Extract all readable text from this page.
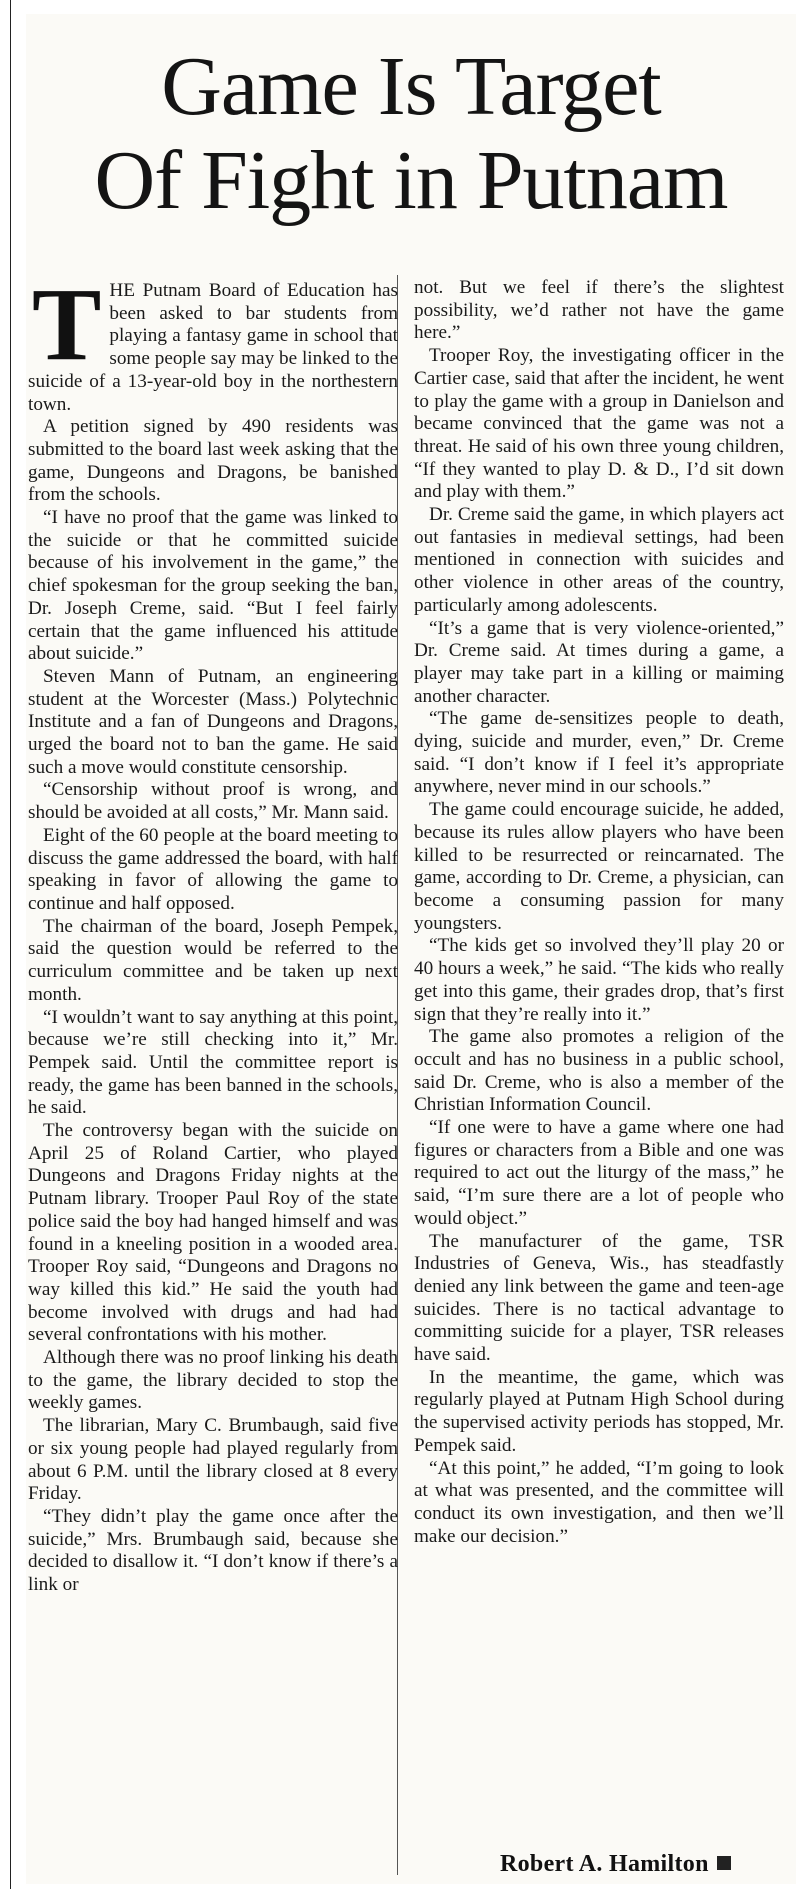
Game Is Target
Of Fight in Putnam

THE Putnam Board of Education has been asked to bar students from playing a fantasy game in school that some people say may be linked to the suicide of a 13-year-old boy in the northestern town.

A petition signed by 490 residents was submitted to the board last week asking that the game, Dungeons and Dragons, be banished from the schools.

“I have no proof that the game was linked to the suicide or that he committed suicide because of his involvement in the game,” the chief spokesman for the group seeking the ban, Dr. Joseph Creme, said. “But I feel fairly certain that the game influenced his attitude about suicide.”

Steven Mann of Putnam, an engineering student at the Worcester (Mass.) Polytechnic Institute and a fan of Dungeons and Dragons, urged the board not to ban the game. He said such a move would constitute censorship.

“Censorship without proof is wrong, and should be avoided at all costs,” Mr. Mann said.

Eight of the 60 people at the board meeting to discuss the game addressed the board, with half speaking in favor of allowing the game to continue and half opposed.

The chairman of the board, Joseph Pempek, said the question would be referred to the curriculum committee and be taken up next month.

“I wouldn’t want to say anything at this point, because we’re still checking into it,” Mr. Pempek said. Until the committee report is ready, the game has been banned in the schools, he said.

The controversy began with the suicide on April 25 of Roland Cartier, who played Dungeons and Dragons Friday nights at the Putnam library. Trooper Paul Roy of the state police said the boy had hanged himself and was found in a kneeling position in a wooded area. Trooper Roy said, “Dungeons and Dragons no way killed this kid.” He said the youth had become involved with drugs and had had several confrontations with his mother.

Although there was no proof linking his death to the game, the library decided to stop the weekly games.

The librarian, Mary C. Brumbaugh, said five or six young people had played regularly from about 6 P.M. until the library closed at 8 every Friday.

“They didn’t play the game once after the suicide,” Mrs. Brumbaugh said, because she decided to disallow it. “I don’t know if there’s a link or

not. But we feel if there’s the slightest possibility, we’d rather not have the game here.”

Trooper Roy, the investigating officer in the Cartier case, said that after the incident, he went to play the game with a group in Danielson and became convinced that the game was not a threat. He said of his own three young children, “If they wanted to play D. & D., I’d sit down and play with them.”

Dr. Creme said the game, in which players act out fantasies in medieval settings, had been mentioned in connection with suicides and other violence in other areas of the country, particularly among adolescents.

“It’s a game that is very violence-oriented,” Dr. Creme said. At times during a game, a player may take part in a killing or maiming another character.

“The game de-sensitizes people to death, dying, suicide and murder, even,” Dr. Creme said. “I don’t know if I feel it’s appropriate anywhere, never mind in our schools.”

The game could encourage suicide, he added, because its rules allow players who have been killed to be resurrected or reincarnated. The game, according to Dr. Creme, a physician, can become a consuming passion for many youngsters.

“The kids get so involved they’ll play 20 or 40 hours a week,” he said. “The kids who really get into this game, their grades drop, that’s first sign that they’re really into it.”

The game also promotes a religion of the occult and has no business in a public school, said Dr. Creme, who is also a member of the Christian Information Council.

“If one were to have a game where one had figures or characters from a Bible and one was required to act out the liturgy of the mass,” he said, “I’m sure there are a lot of people who would object.”

The manufacturer of the game, TSR Industries of Geneva, Wis., has steadfastly denied any link between the game and teen-age suicides. There is no tactical advantage to committing suicide for a player, TSR releases have said.

In the meantime, the game, which was regularly played at Putnam High School during the supervised activity periods has stopped, Mr. Pempek said.

“At this point,” he added, “I’m going to look at what was presented, and the committee will conduct its own investigation, and then we’ll make our decision.”

Robert A. Hamilton
